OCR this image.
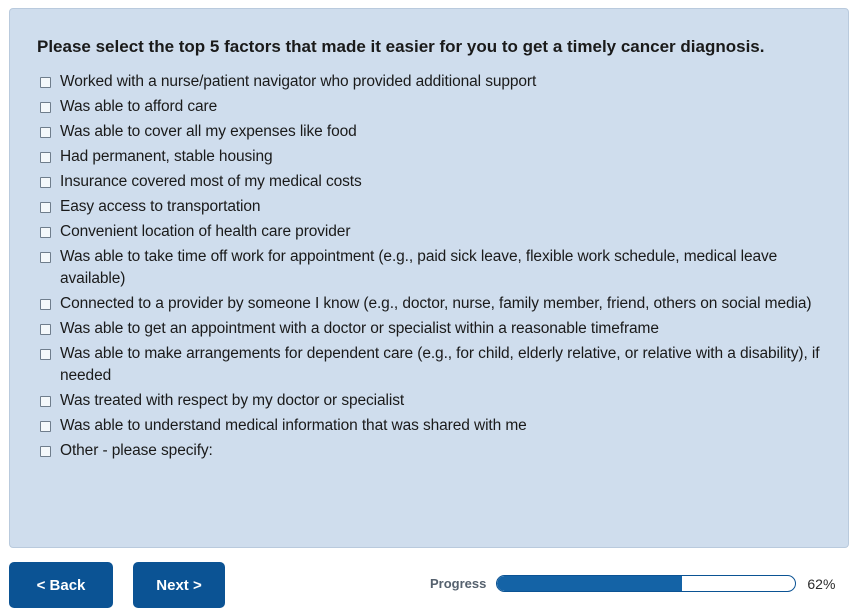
Please select the top 5 factors that made it easier for you to get a timely cancer diagnosis.
Worked with a nurse/patient navigator who provided additional support
Was able to afford care
Was able to cover all my expenses like food
Had permanent, stable housing
Insurance covered most of my medical costs
Easy access to transportation
Convenient location of health care provider
Was able to take time off work for appointment (e.g., paid sick leave, flexible work schedule, medical leave available)
Connected to a provider by someone I know (e.g., doctor, nurse, family member, friend, others on social media)
Was able to get an appointment with a doctor or specialist within a reasonable timeframe
Was able to make arrangements for dependent care (e.g., for child, elderly relative, or relative with a disability), if needed
Was treated with respect by my doctor or specialist
Was able to understand medical information that was shared with me
Other - please specify:
< Back	Next >	Progress	62%
